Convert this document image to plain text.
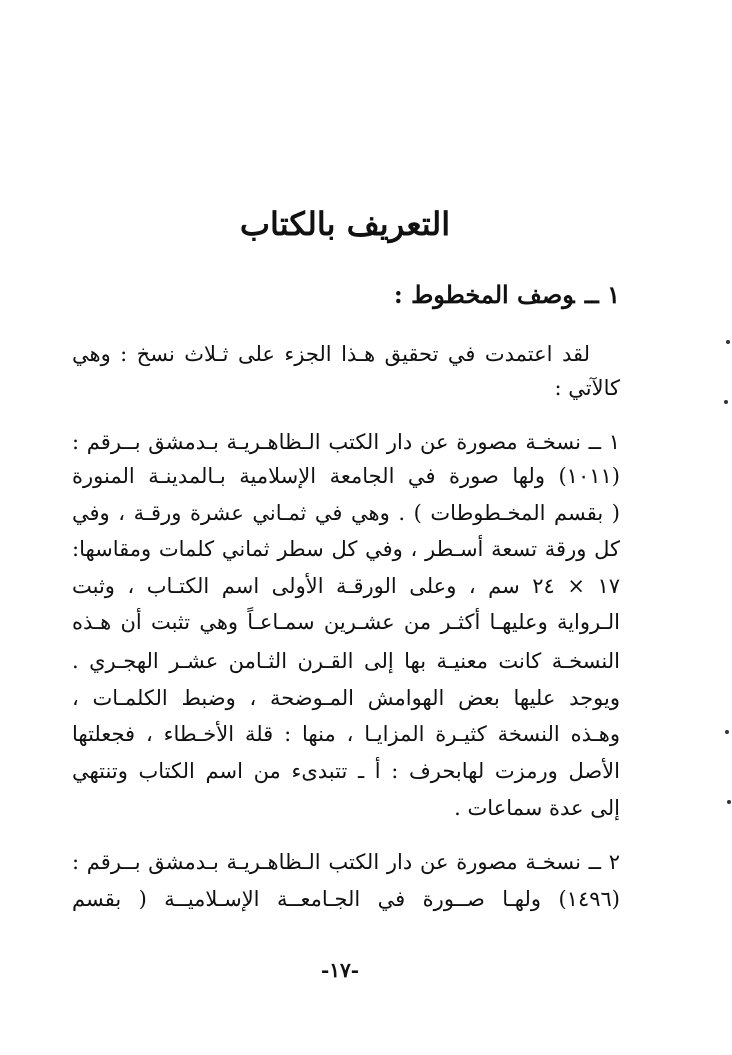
التعريف بالكتاب
١ ــوصف المخطوط :
لقد اعتمدت في تحقيق هـذا الجزء على ثـلاث نسخ : وهي
كالآتي :
١ ــ نسخـة مصورة عن دار الكتب الـظاهـريـة بـدمشق بــرقم :
(١٠١١) ولها صورة في الجامعة الإسلامية بـالمدينـة المنورة
( بقسم المخـطوطات ) . وهي في ثمـاني عشرة ورقـة ، وفي
كل ورقة تسعة أسـطر ، وفي كل سطر ثماني كلمات ومقاسها:
١٧ × ٢٤ سم ، وعلى الورقـة الأولى اسم الكتـاب ، وثبت
الـرواية وعليهـا أكثـر من عشـرين سمـاعـاً وهي تثبت أن هـذه
النسخـة كانت معنيـة بها إلى القـرن الثـامن عشـر الهجـري .
ويوجد عليها بعض الهوامش المـوضحة ، وضبط الكلمـات ،
وهـذه النسخة كثيـرة المزايـا ، منها : قلة الأخـطاء ، فجعلتها
الأصل ورمزت لهابحرف : أ ـ تتبدىء من اسم الكتاب وتنتهي
إلى عدة سماعات .
٢ ــ نسخـة مصورة عن دار الكتب الـظاهـريـة بـدمشق بــرقم :
(١٤٩٦) ولهـا صــورة في الجـامعــة الإسـلاميــة ( بقسم
-١٧-
